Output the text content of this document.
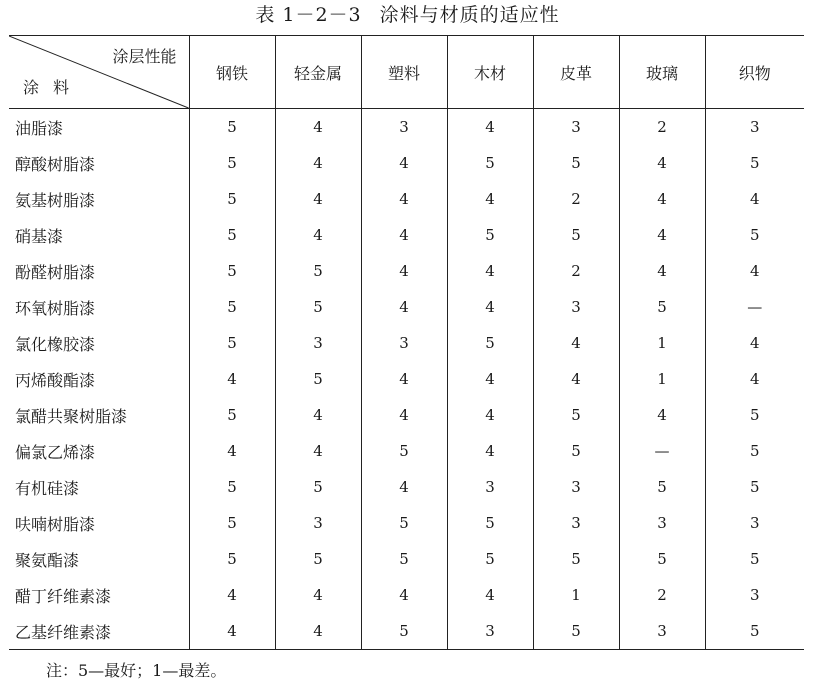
表 1－2－3 涂料与材质的适应性
涂层性能
涂料	钢铁	轻金属	塑料	木材	皮革	玻璃	织物
油脂漆	5	4	3	4	3	2	3
醇酸树脂漆	5	4	4	5	5	4	5
氨基树脂漆	5	4	4	4	2	4	4
硝基漆	5	4	4	5	5	4	5
酚醛树脂漆	5	5	4	4	2	4	4
环氧树脂漆	5	5	4	4	3	5	—
氯化橡胶漆	5	3	3	5	4	1	4
丙烯酸酯漆	4	5	4	4	4	1	4
氯醋共聚树脂漆	5	4	4	4	5	4	5
偏氯乙烯漆	4	4	5	4	5	—	5
有机硅漆	5	5	4	3	3	5	5
呋喃树脂漆	5	3	5	5	3	3	3
聚氨酯漆	5	5	5	5	5	5	5
醋丁纤维素漆	4	4	4	4	1	2	3
乙基纤维素漆	4	4	5	3	5	3	5
注：5—最好；1—最差。
